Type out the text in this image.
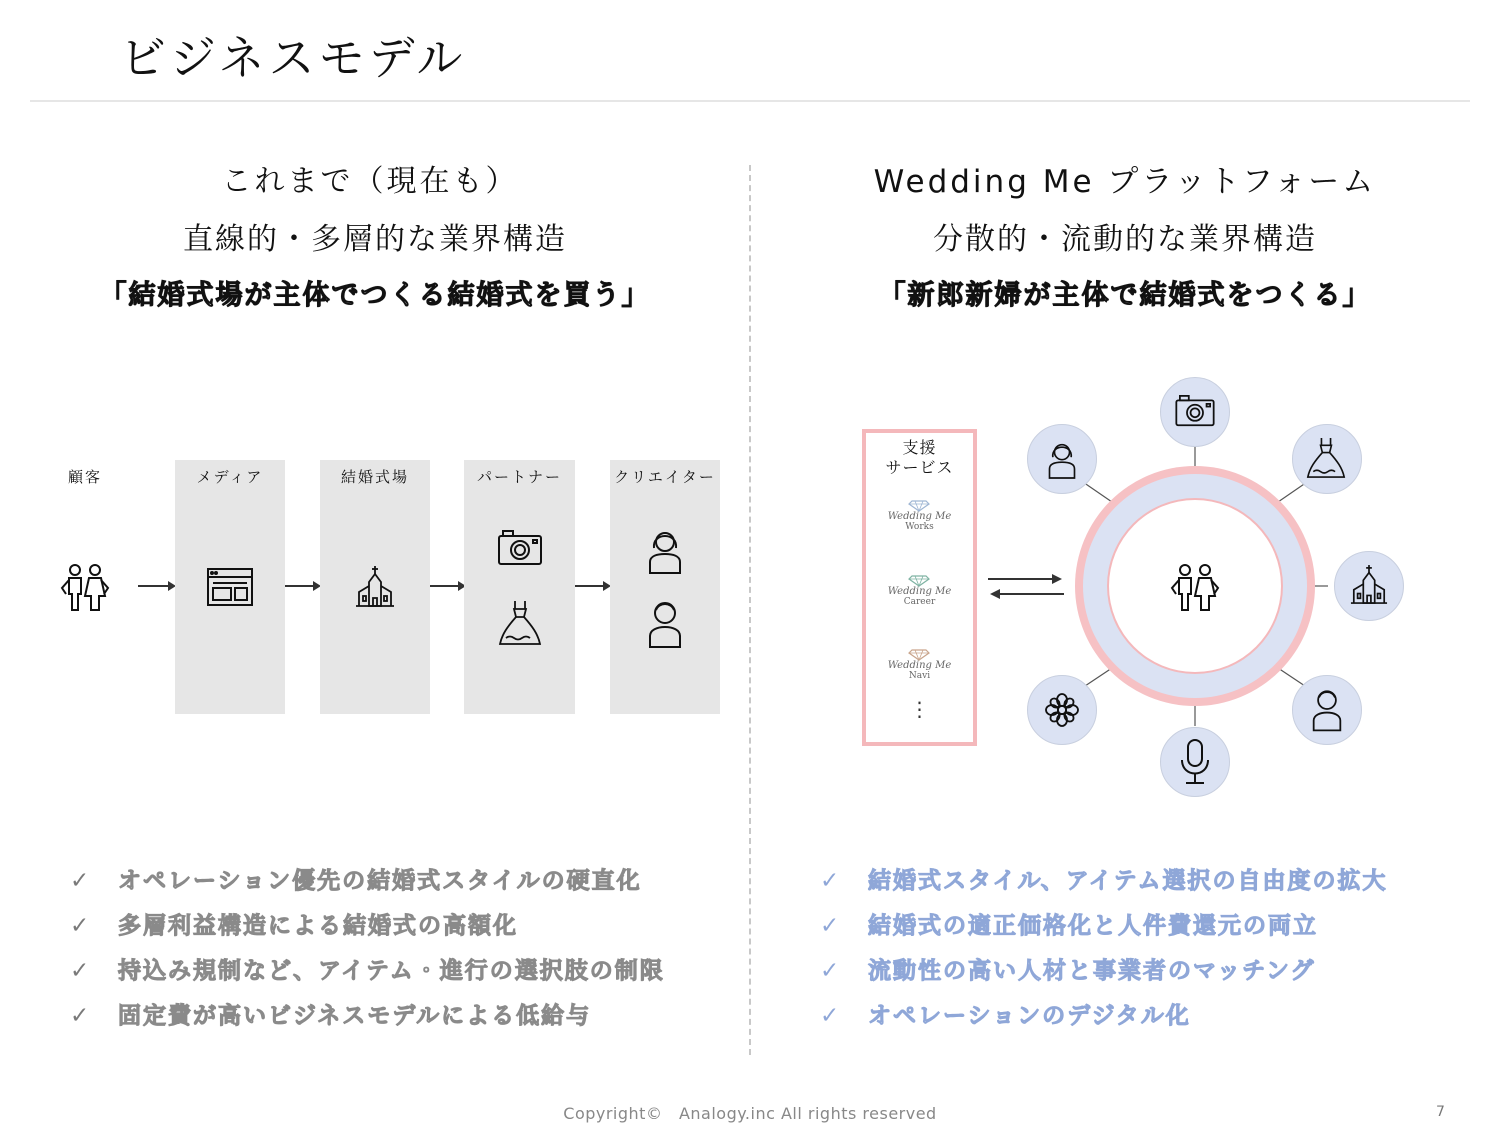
ビジネスモデル
これまで（現在も）
直線的・多層的な業界構造
「結婚式場が主体でつくる結婚式を買う」
顧客	メディア	結婚式場	パートナー	クリエイター
✓ オペレーション優先の結婚式スタイルの硬直化
✓ 多層利益構造による結婚式の高額化
✓ 持込み規制など、アイテム・進行の選択肢の制限
✓ 固定費が高いビジネスモデルによる低給与
Wedding Me プラットフォーム
分散的・流動的な業界構造
「新郎新婦が主体で結婚式をつくる」
支援
サービス
Wedding Me
Works
Wedding Me
Career
Wedding Me
Navi
⋮
✓ 結婚式スタイル、アイテム選択の自由度の拡大
✓ 結婚式の適正価格化と人件費還元の両立
✓ 流動性の高い人材と事業者のマッチング
✓ オペレーションのデジタル化
Copyright©　Analogy.inc All rights reserved	7
